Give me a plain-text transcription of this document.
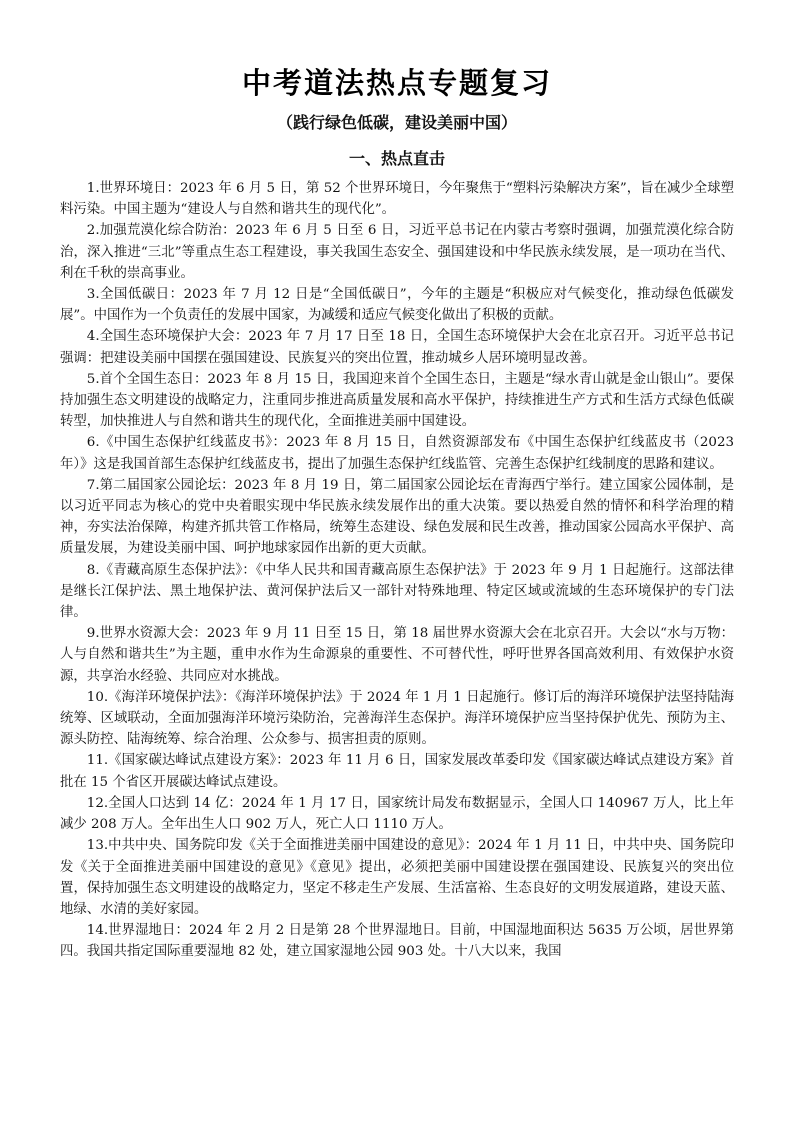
中考道法热点专题复习
（践行绿色低碳，建设美丽中国）
一、热点直击

1.世界环境日：2023 年 6 月 5 日，第 52 个世界环境日，今年聚焦于“塑料污染解决方案”，旨在减少全球塑料污染。中国主题为“建设人与自然和谐共生的现代化”。

2.加强荒漠化综合防治：2023 年 6 月 5 日至 6 日，习近平总书记在内蒙古考察时强调，加强荒漠化综合防治，深入推进“三北”等重点生态工程建设，事关我国生态安全、强国建设和中华民族永续发展，是一项功在当代、利在千秋的崇高事业。

3.全国低碳日：2023 年 7 月 12 日是“全国低碳日”，今年的主题是“积极应对气候变化，推动绿色低碳发展”。中国作为一个负责任的发展中国家，为减缓和适应气候变化做出了积极的贡献。

4.全国生态环境保护大会：2023 年 7 月 17 日至 18 日，全国生态环境保护大会在北京召开。习近平总书记强调：把建设美丽中国摆在强国建设、民族复兴的突出位置，推动城乡人居环境明显改善。

5.首个全国生态日：2023 年 8 月 15 日，我国迎来首个全国生态日，主题是“绿水青山就是金山银山”。要保持加强生态文明建设的战略定力，注重同步推进高质量发展和高水平保护，持续推进生产方式和生活方式绿色低碳转型，加快推进人与自然和谐共生的现代化，全面推进美丽中国建设。

6.《中国生态保护红线蓝皮书》：2023 年 8 月 15 日，自然资源部发布《中国生态保护红线蓝皮书（2023 年）》这是我国首部生态保护红线蓝皮书，提出了加强生态保护红线监管、完善生态保护红线制度的思路和建议。

7.第二届国家公园论坛：2023 年 8 月 19 日，第二届国家公园论坛在青海西宁举行。建立国家公园体制，是以习近平同志为核心的党中央着眼实现中华民族永续发展作出的重大决策。要以热爱自然的情怀和科学治理的精神，夯实法治保障，构建齐抓共管工作格局，统筹生态建设、绿色发展和民生改善，推动国家公园高水平保护、高质量发展，为建设美丽中国、呵护地球家园作出新的更大贡献。

8.《青藏高原生态保护法》：《中华人民共和国青藏高原生态保护法》于 2023 年 9 月 1 日起施行。这部法律是继长江保护法、黑土地保护法、黄河保护法后又一部针对特殊地理、特定区域或流域的生态环境保护的专门法律。

9.世界水资源大会：2023 年 9 月 11 日至 15 日，第 18 届世界水资源大会在北京召开。大会以“水与万物：人与自然和谐共生”为主题，重申水作为生命源泉的重要性、不可替代性，呼吁世界各国高效利用、有效保护水资源，共享治水经验、共同应对水挑战。

10.《海洋环境保护法》：《海洋环境保护法》于 2024 年 1 月 1 日起施行。修订后的海洋环境保护法坚持陆海统筹、区域联动，全面加强海洋环境污染防治，完善海洋生态保护。海洋环境保护应当坚持保护优先、预防为主、源头防控、陆海统筹、综合治理、公众参与、损害担责的原则。

11.《国家碳达峰试点建设方案》：2023 年 11 月 6 日，国家发展改革委印发《国家碳达峰试点建设方案》首批在 15 个省区开展碳达峰试点建设。

12.全国人口达到 14 亿：2024 年 1 月 17 日，国家统计局发布数据显示，全国人口 140967 万人，比上年减少 208 万人。全年出生人口 902 万人，死亡人口 1110 万人。

13.中共中央、国务院印发《关于全面推进美丽中国建设的意见》：2024 年 1 月 11 日，中共中央、国务院印发《关于全面推进美丽中国建设的意见》《意见》提出，必须把美丽中国建设摆在强国建设、民族复兴的突出位置，保持加强生态文明建设的战略定力，坚定不移走生产发展、生活富裕、生态良好的文明发展道路，建设天蓝、地绿、水清的美好家园。

14.世界湿地日：2024 年 2 月 2 日是第 28 个世界湿地日。目前，中国湿地面积达 5635 万公顷，居世界第四。我国共指定国际重要湿地 82 处，建立国家湿地公园 903 处。十八大以来，我国
